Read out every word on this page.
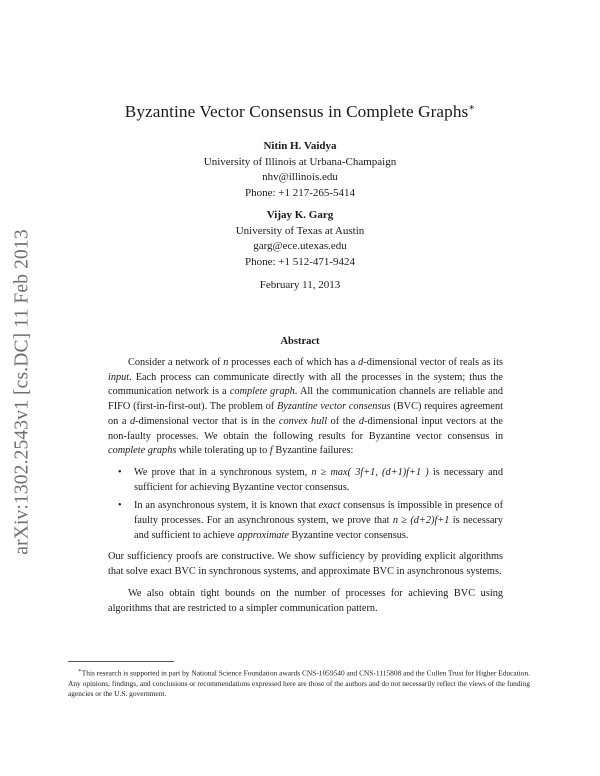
arXiv:1302.2543v1 [cs.DC] 11 Feb 2013
Byzantine Vector Consensus in Complete Graphs∗
Nitin H. Vaidya
University of Illinois at Urbana-Champaign
nhv@illinois.edu
Phone: +1 217-265-5414
Vijay K. Garg
University of Texas at Austin
garg@ece.utexas.edu
Phone: +1 512-471-9424
February 11, 2013
Abstract

Consider a network of n processes each of which has a d-dimensional vector of reals as its input. Each process can communicate directly with all the processes in the system; thus the communication network is a complete graph. All the communication channels are reliable and FIFO (first-in-first-out). The problem of Byzantine vector consensus (BVC) requires agreement on a d-dimensional vector that is in the convex hull of the d-dimensional input vectors at the non-faulty processes. We obtain the following results for Byzantine vector consensus in complete graphs while tolerating up to f Byzantine failures:

• We prove that in a synchronous system, n ≥ max( 3f+1, (d+1)f+1 ) is necessary and sufficient for achieving Byzantine vector consensus.
• In an asynchronous system, it is known that exact consensus is impossible in presence of faulty processes. For an asynchronous system, we prove that n ≥ (d+2)f+1 is necessary and sufficient to achieve approximate Byzantine vector consensus.

Our sufficiency proofs are constructive. We show sufficiency by providing explicit algorithms that solve exact BVC in synchronous systems, and approximate BVC in asynchronous systems.

We also obtain tight bounds on the number of processes for achieving BVC using algorithms that are restricted to a simpler communication pattern.

∗This research is supported in part by National Science Foundation awards CNS-1059540 and CNS-1115808 and the Cullen Trust for Higher Education. Any opinions, findings, and conclusions or recommendations expressed here are those of the authors and do not necessarily reflect the views of the funding agencies or the U.S. government.
